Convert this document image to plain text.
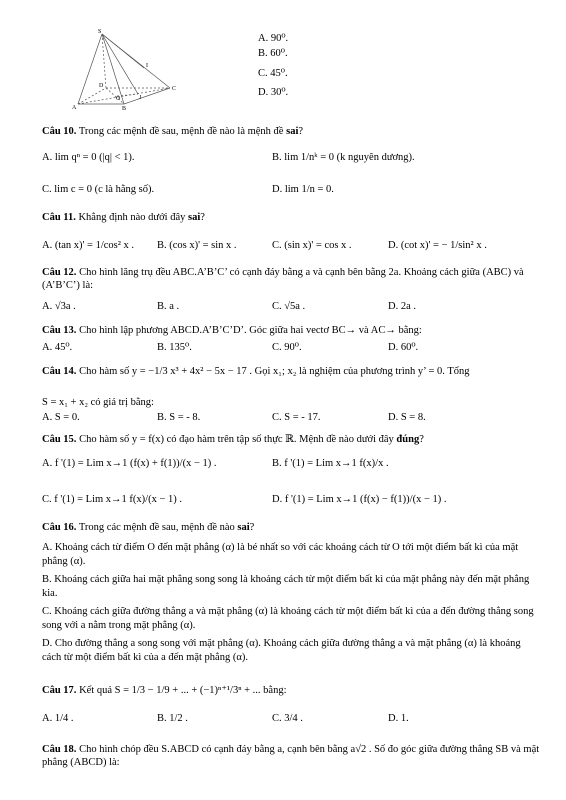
S
A	B
C
D
I
J
O
A. 90⁰.
B. 60⁰.
C. 45⁰.
D. 30⁰.
Câu 10. Trong các mệnh đề sau, mệnh đề nào là mệnh đề sai?
A. lim qⁿ = 0 (|q| < 1).	B. lim 1/nᵏ = 0 (k nguyên dương).
C. lim c = 0 (c là hằng số).	D. lim 1/n = 0.
Câu 11. Khẳng định nào dưới đây sai?
A. (tan x)' = 1/cos² x . B. (cos x)' = sin x .	C. (sin x)' = cos x .	D. (cot x)' = − 1/sin² x .
Câu 12. Cho hình lăng trụ đều ABC.A’B’C’ có cạnh đáy bằng a và cạnh bên bằng 2a. Khoảng cách giữa (ABC) và (A’B’C’) là:
A. √3a .	B. a .	C. √5a .	D. 2a .
Câu 13. Cho hình lập phương ABCD.A’B’C’D’. Góc giữa hai vectơ BC→ và AC→ bằng:
A. 45⁰.	B. 135⁰.	C. 90⁰.	D. 60⁰.
Câu 14. Cho hàm số y = −1/3 x³ + 4x² − 5x − 17 . Gọi x₁; x₂ là nghiệm của phương trình y’ = 0. Tổng
S = x₁ + x₂ có giá trị bằng:
A. S = 0.	B. S = - 8.	C. S = - 17.	D. S = 8.
Câu 15. Cho hàm số y = f(x) có đạo hàm trên tập số thực ℝ. Mệnh đề nào dưới đây đúng?
A. f '(1) = Lim x→1 (f(x) + f(1))/(x − 1) .	B. f '(1) = Lim x→1 f(x)/x .
C. f '(1) = Lim x→1 f(x)/(x − 1) .	D. f '(1) = Lim x→1 (f(x) − f(1))/(x − 1) .
Câu 16. Trong các mệnh đề sau, mệnh đề nào sai?
A. Khoảng cách từ điểm O đến mặt phẳng (α) là bé nhất so với các khoảng cách từ O tới một điểm bất kì của mặt phẳng (α).
B. Khoảng cách giữa hai mặt phẳng song song là khoảng cách từ một điểm bất kì của mặt phẳng này đến mặt phẳng kia.
C. Khoảng cách giữa đường thẳng a và mặt phẳng (α) là khoảng cách từ một điểm bất kì của a đến đường thẳng song song với a nằm trong mặt phẳng (α).
D. Cho đường thẳng a song song với mặt phẳng (α). Khoảng cách giữa đường thẳng a và mặt phẳng (α) là khoảng cách từ một điểm bất kì của a đến mặt phẳng (α).
Câu 17. Kết quả S = 1/3 − 1/9 + ... + (−1)ⁿ⁺¹/3ⁿ + ... bằng:
A. 1/4 .	B. 1/2 .	C. 3/4 .	D. 1.
Câu 18. Cho hình chóp đều S.ABCD có cạnh đáy bằng a, cạnh bên bằng a√2 . Số đo góc giữa đường thẳng SB và mặt phẳng (ABCD) là:
